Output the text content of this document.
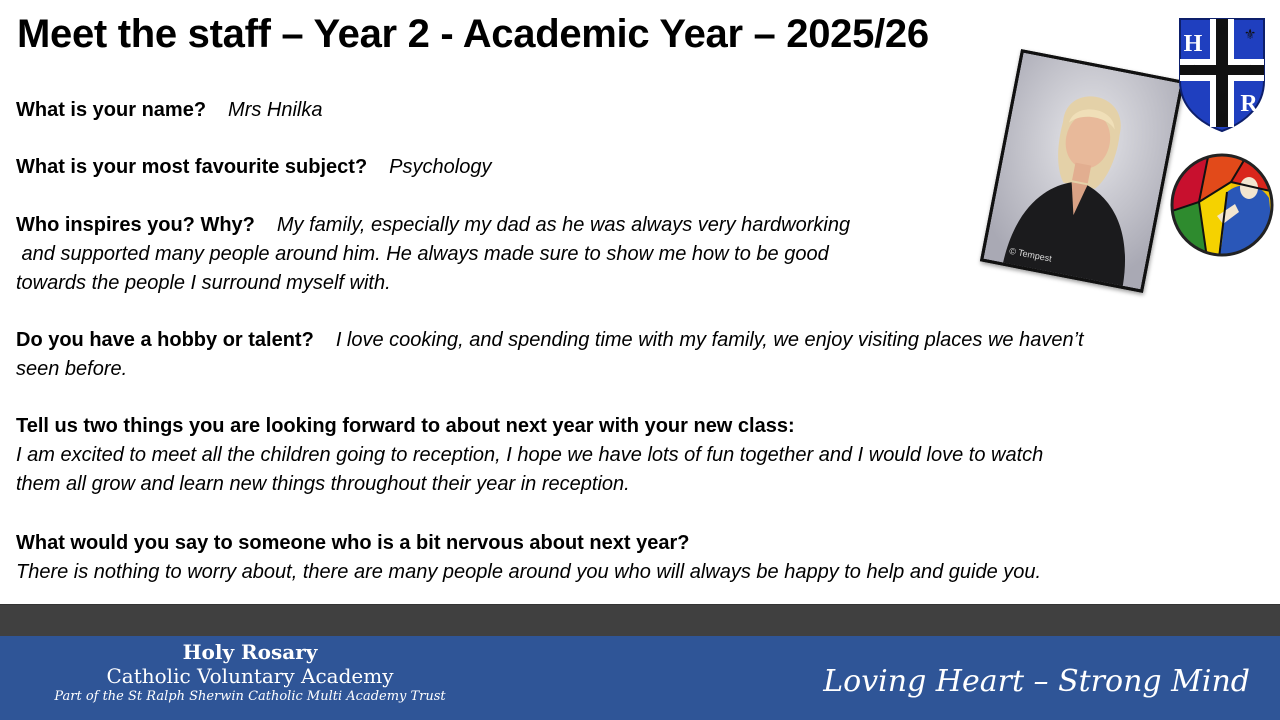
Meet the staff – Year 2 - Academic Year – 2025/26
What is your name? Mrs Hnilka
What is your most favourite subject? Psychology
Who inspires you? Why? My family, especially my dad as he was always very hardworking
and supported many people around him. He always made sure to show me how to be good
towards the people I surround myself with.
Do you have a hobby or talent? I love cooking, and spending time with my family, we enjoy visiting places we haven’t
seen before.
Tell us two things you are looking forward to about next year with your new class:
I am excited to meet all the children going to reception, I hope we have lots of fun together and I would love to watch
them all grow and learn new things throughout their year in reception.
What would you say to someone who is a bit nervous about next year?
There is nothing to worry about, there are many people around you who will always be happy to help and guide you.
© Tempest
H
R
⚜
⚜
⚜
⚜	⚜
⚜
Holy Rosary
Catholic Voluntary Academy
Part of the St Ralph Sherwin Catholic Multi Academy Trust	Loving Heart – Strong Mind
